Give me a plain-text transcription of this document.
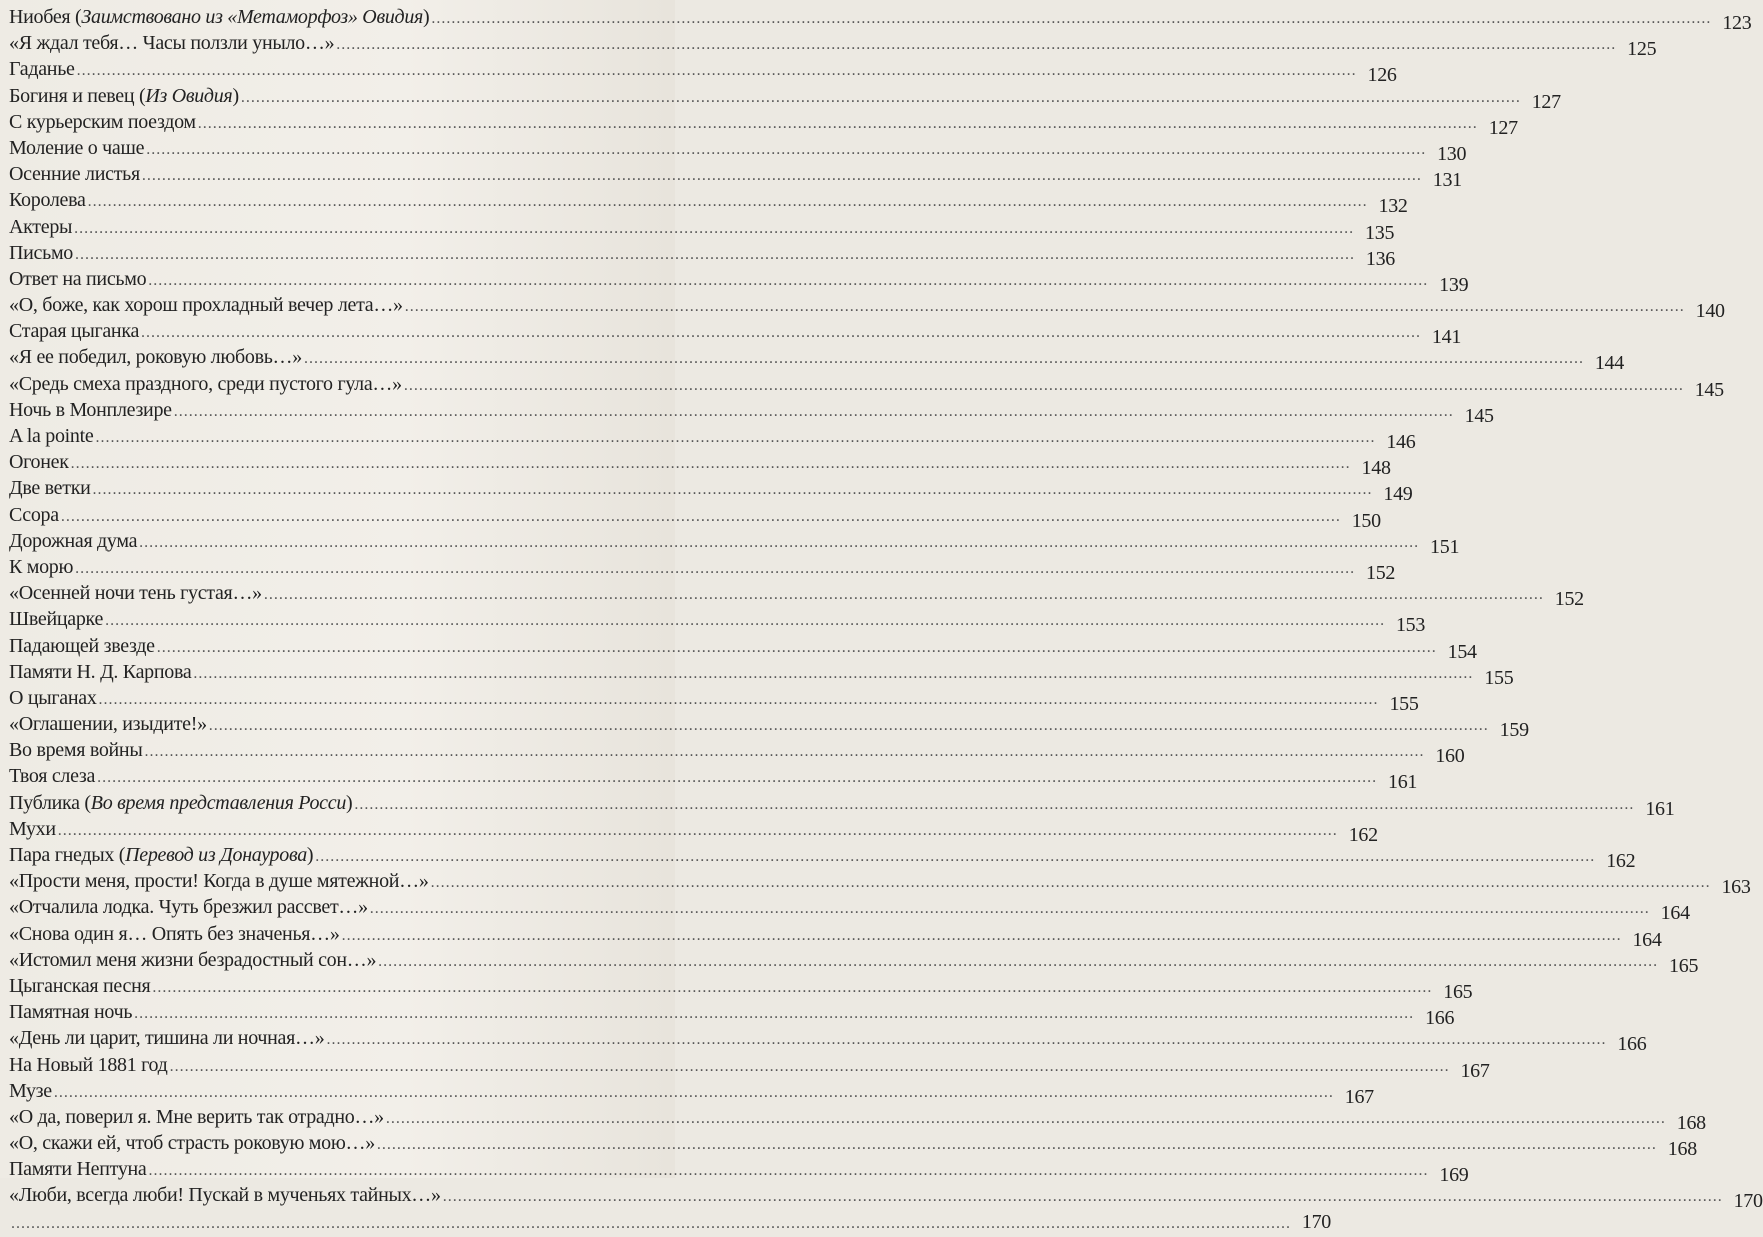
Ниобея (Заимствовано из «Метаморфоз» Овидия) .....	123
«Я ждал тебя… Часы ползли уныло…» .....	125
Гаданье .....	126
Богиня и певец (Из Овидия) .....	127
С курьерским поездом .....	127
Моление о чаше .....	130
Осенние листья .....	131
Королева .....	132
Актеры .....	135
Письмо .....	136
Ответ на письмо .....	139
«О, боже, как хорош прохладный вечер лета…» .....	140
Старая цыганка .....	141
«Я ее победил, роковую любовь…» .....	144
«Средь смеха праздного, среди пустого гула…» .....	145
Ночь в Монплезире .....	145
A la pointe .....	146
Огонек .....	148
Две ветки .....	149
Ссора .....	150
Дорожная дума .....	151
К морю .....	152
«Осенней ночи тень густая…» .....	152
Швейцарке .....	153
Падающей звезде .....	154
Памяти Н. Д. Карпова .....	155
О цыганах .....	155
«Оглашении, изыдите!» .....	159
Во время войны .....	160
Твоя слеза .....	161
Публика (Во время представления Росси) .....	161
Мухи .....	162
Пара гнедых (Перевод из Донаурова) .....	162
«Прости меня, прости! Когда в душе мятежной…» .....	163
«Отчалила лодка. Чуть брезжил рассвет…» .....	164
«Снова один я… Опять без значенья…» .....	164
«Истомил меня жизни безрадостный сон…» .....	165
Цыганская песня .....	165
Памятная ночь .....	166
«День ли царит, тишина ли ночная…» .....	166
На Новый 1881 год .....	167
Музе .....	167
«О да, поверил я. Мне верить так отрадно…» .....	168
«О, скажи ей, чтоб страсть роковую мою…» .....	168
Памяти Нептуна .....	169
«Люби, всегда люби! Пускай в мученьях тайных…» .....	170
.....
170
